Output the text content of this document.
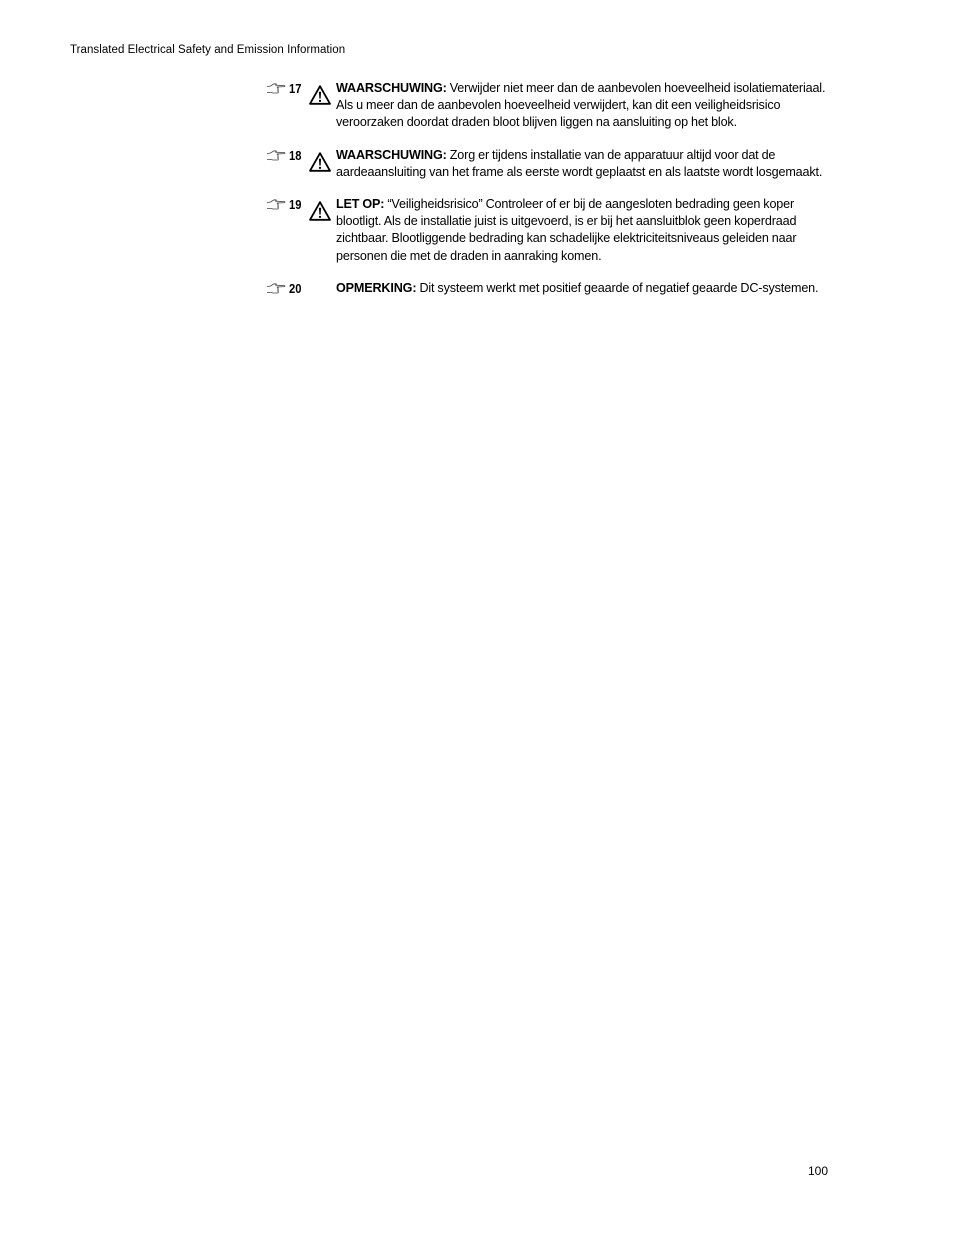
Translated Electrical Safety and Emission Information
17	WAARSCHUWING: Verwijder niet meer dan de aanbevolen hoeveelheid isolatiemateriaal. Als u meer dan de aanbevolen hoeveelheid verwijdert, kan dit een veiligheidsrisico veroorzaken doordat draden bloot blijven liggen na aansluiting op het blok.
18	WAARSCHUWING: Zorg er tijdens installatie van de apparatuur altijd voor dat de aardeaansluiting van het frame als eerste wordt geplaatst en als laatste wordt losgemaakt.
19	LET OP: “Veiligheidsrisico” Controleer of er bij de aangesloten bedrading geen koper blootligt. Als de installatie juist is uitgevoerd, is er bij het aansluitblok geen koperdraad zichtbaar. Blootliggende bedrading kan schadelijke elektriciteitsniveaus geleiden naar personen die met de draden in aanraking komen.
20	OPMERKING: Dit systeem werkt met positief geaarde of negatief geaarde DC-systemen.
100
